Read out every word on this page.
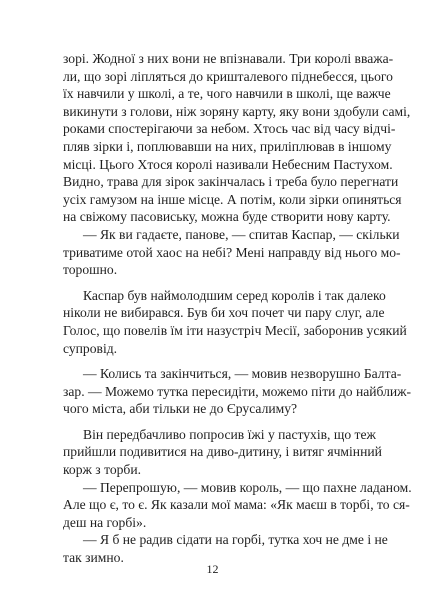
зорі. Жодної з них вони не впізнавали. Три королі вважа-
ли, що зорі ліпляться до кришталевого піднебесся, цього
їх навчили у школі, а те, чого навчили в школі, ще важче
викинути з голови, ніж зоряну карту, яку вони здобули самі,
роками спостерігаючи за небом. Хтось час від часу відчі-
пляв зірки і, поплювавши на них, приліплював в іншому
місці. Цього Хтося королі називали Небесним Пастухом.
Видно, трава для зірок закінчалась і треба було перегнати
усіх гамузом на інше місце. А потім, коли зірки опиняться
на свіжому пасовиську, можна буде створити нову карту.
— Як ви гадаєте, панове, — спитав Каспар, — скільки
триватиме отой хаос на небі? Мені направду від нього мо-
торошно.
Каспар був наймолодшим серед королів і так далеко
ніколи не вибирався. Був би хоч почет чи пару слуг, але
Голос, що повелів їм іти назустріч Месії, заборонив усякий
супровід.
— Колись та закінчиться, — мовив незворушно Балта-
зар. — Можемо тутка пересидіти, можемо піти до найближ-
чого міста, аби тільки не до Єрусалиму?
Він передбачливо попросив їжі у пастухів, що теж
прийшли подивитися на диво-дитину, і витяг ячмінний
корж з торби.
— Перепрошую, — мовив король, — що пахне ладаном.
Але що є, то є. Як казали мої мама: «Як маєш в торбі, то ся-
деш на горбі».
— Я б не радив сідати на горбі, тутка хоч не дме і не
так зимно.
12
